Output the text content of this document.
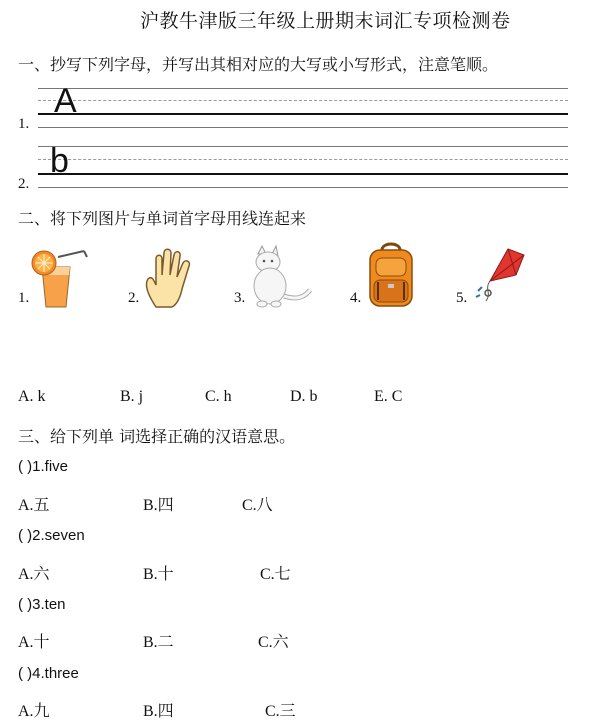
沪教牛津版三年级上册期末词汇专项检测卷
一、抄写下列字母，并写出其相对应的大写或小写形式，注意笔顺。
1.
A
2.
b
二、将下列图片与单词首字母用线连起来
1.	2.	3.	4.	5.
A. k	B. j	C. h	D. b	E. C
三、给下列单 词选择正确的汉语意思。
( )1.five
A.五	B.四	C.八
( )2.seven
A.六	B.十	C.七
( )3.ten
A.十	B.二	C.六
( )4.three
A.九	B.四	C.三
